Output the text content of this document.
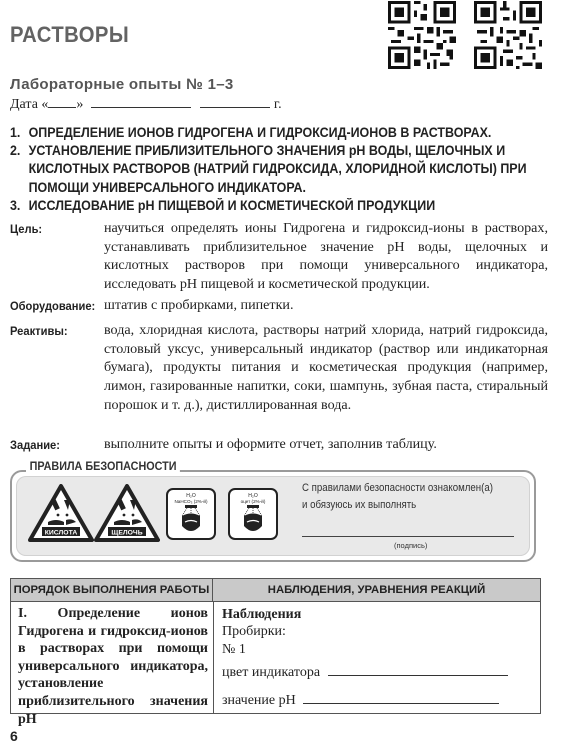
РАСТВОРЫ
Лабораторные опыты № 1–3
Дата « »	г.
1. ОПРЕДЕЛЕНИЕ ИОНОВ ГИДРОГЕНА И ГИДРОКСИД-ИОНОВ В РАСТВОРАХ.
2. УСТАНОВЛЕНИЕ ПРИБЛИЗИТЕЛЬНОГО ЗНАЧЕНИЯ pH ВОДЫ, ЩЕЛОЧНЫХ И КИСЛОТНЫХ РАСТВОРОВ (НАТРИЙ ГИДРОКСИДА, ХЛОРИДНОЙ КИСЛОТЫ) ПРИ ПОМОЩИ УНИВЕРСАЛЬНОГО ИНДИКАТОРА.
3. ИССЛЕДОВАНИЕ pH ПИЩЕВОЙ И КОСМЕТИЧЕСКОЙ ПРОДУКЦИИ
Цель:	научиться определять ионы Гидрогена и гидроксид-ионы в растворах, устанавливать приблизительное значение pH воды, щелочных и кислотных растворов при помощи универсального индикатора, исследовать pH пищевой и косметической продукции.
Оборудование: штатив с пробирками, пипетки.
Реактивы:	вода, хлоридная кислота, растворы натрий хлорида, натрий гидроксида, столовый уксус, универсальный индикатор (раствор или индикаторная бумага), продукты питания и косметическая продукция (например, лимон, газированные напитки, соки, шампунь, зубная паста, стиральный порошок и т. д.), дистиллированная вода.
Задание:	выполните опыты и оформите отчет, заполнив таблицу.
ПРАВИЛА БЕЗОПАСНОСТИ
КИСЛОТА	ЩЕЛОЧЬ
H₂O
NaHCO₃ (2%-й)
H₂O
оцет (2%-й)
С правилами безопасности ознакомлен(а)
и обязуюсь их выполнять
(подпись)
ПОРЯДОК ВЫПОЛНЕНИЯ РАБОТЫ	НАБЛЮДЕНИЯ, УРАВНЕНИЯ РЕАКЦИЙ
I. Определение ионов Гидрогена и гидроксид-ионов в растворах при помощи универсального индикатора, установление приблизительного значения pH
Наблюдения
Пробирки:
№ 1
цвет индикатора
значение pH
6
